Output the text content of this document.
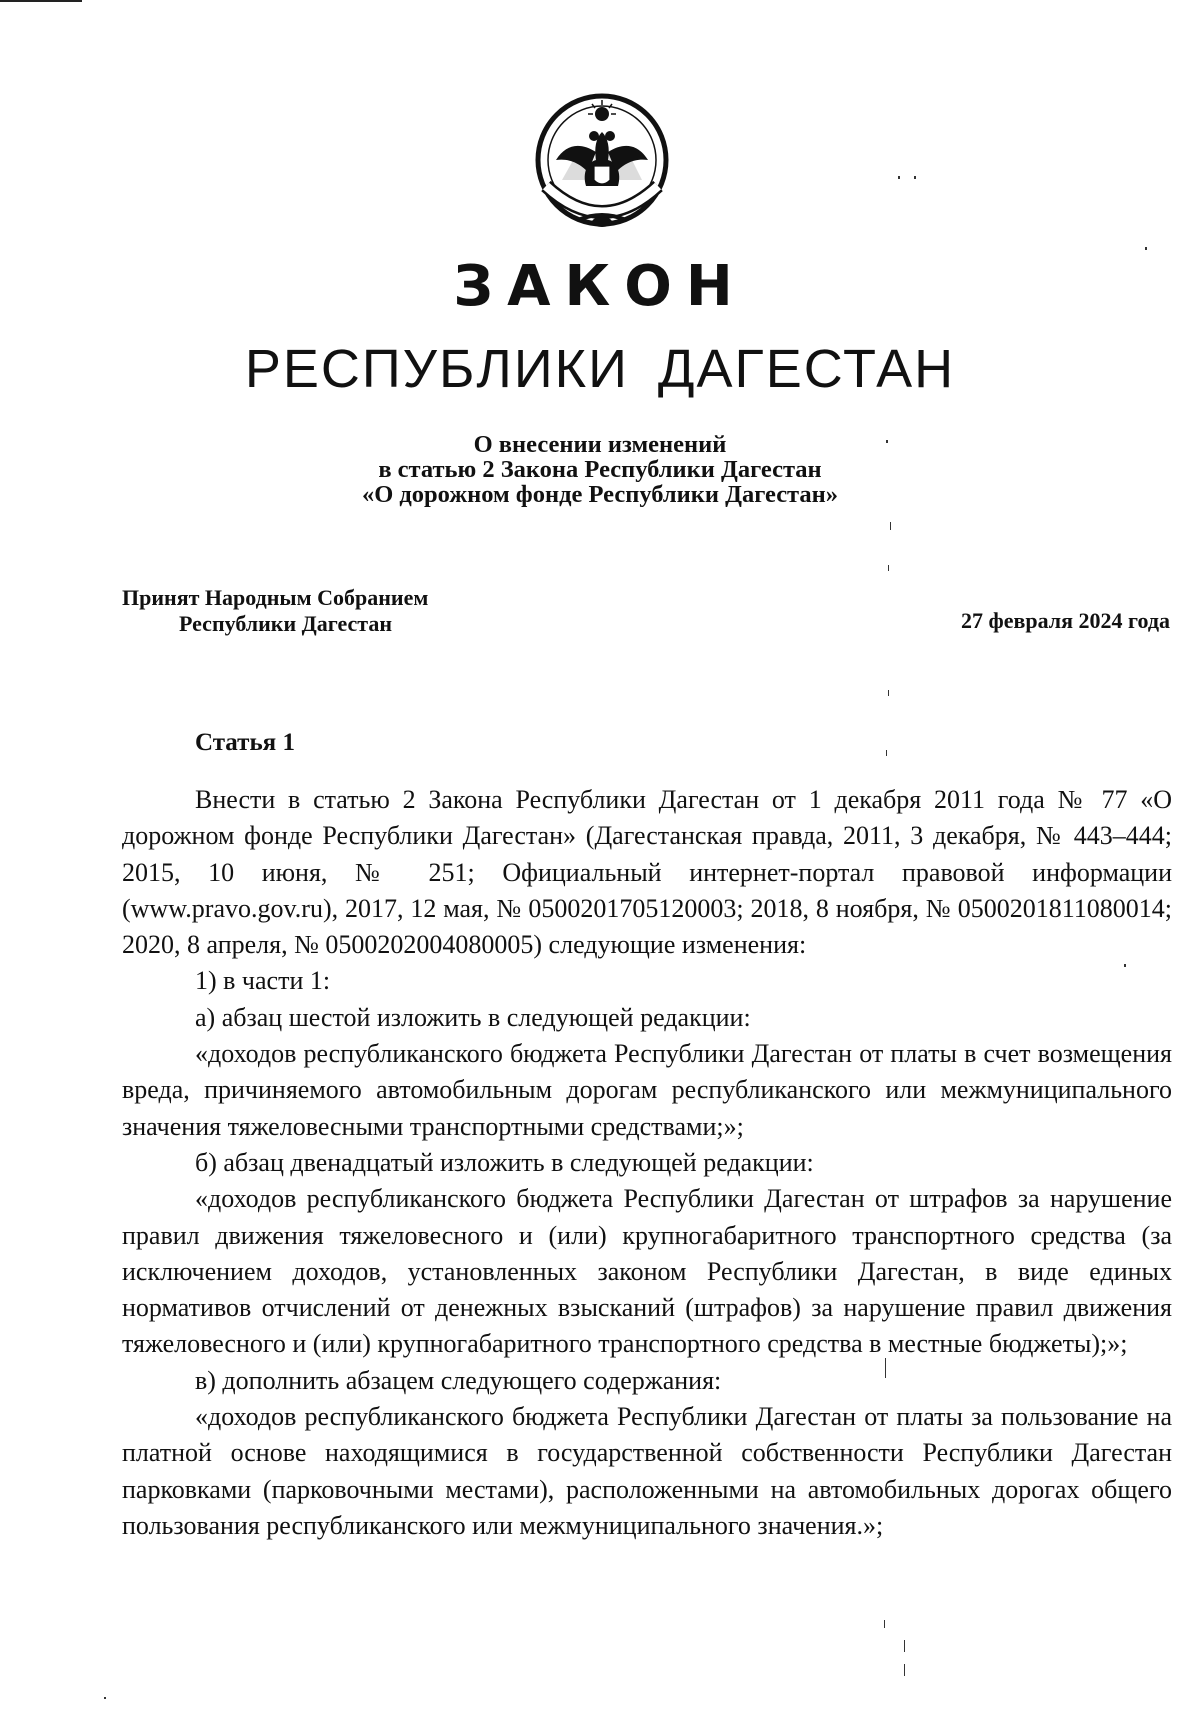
ЗАКОН
РЕСПУБЛИКИ ДАГЕСТАН
О внесении изменений
в статью 2 Закона Республики Дагестан
«О дорожном фонде Республики Дагестан»
Принят Народным Собранием
Республики Дагестан	27 февраля 2024 года
Статья 1

Внести в статью 2 Закона Республики Дагестан от 1 декабря 2011 года № 77 «О дорожном фонде Республики Дагестан» (Дагестанская правда, 2011, 3 декабря, № 443–444; 2015, 10 июня, № 251; Официальный интернет-портал правовой информации (www.pravo.gov.ru), 2017, 12 мая, № 0500201705120003; 2018, 8 ноября, № 0500201811080014; 2020, 8 апреля, № 0500202004080005) следующие изменения:

1) в части 1:

а) абзац шестой изложить в следующей редакции:

«доходов республиканского бюджета Республики Дагестан от платы в счет возмещения вреда, причиняемого автомобильным дорогам республиканского или межмуниципального значения тяжеловесными транспортными средствами;»;

б) абзац двенадцатый изложить в следующей редакции:

«доходов республиканского бюджета Республики Дагестан от штрафов за нарушение правил движения тяжеловесного и (или) крупногабаритного транспортного средства (за исключением доходов, установленных законом Республики Дагестан, в виде единых нормативов отчислений от денежных взысканий (штрафов) за нарушение правил движения тяжеловесного и (или) крупногабаритного транспортного средства в местные бюджеты);»;

в) дополнить абзацем следующего содержания:

«доходов республиканского бюджета Республики Дагестан от платы за пользование на платной основе находящимися в государственной собственности Республики Дагестан парковками (парковочными местами), расположенными на автомобильных дорогах общего пользования республиканского или межмуниципального значения.»;
